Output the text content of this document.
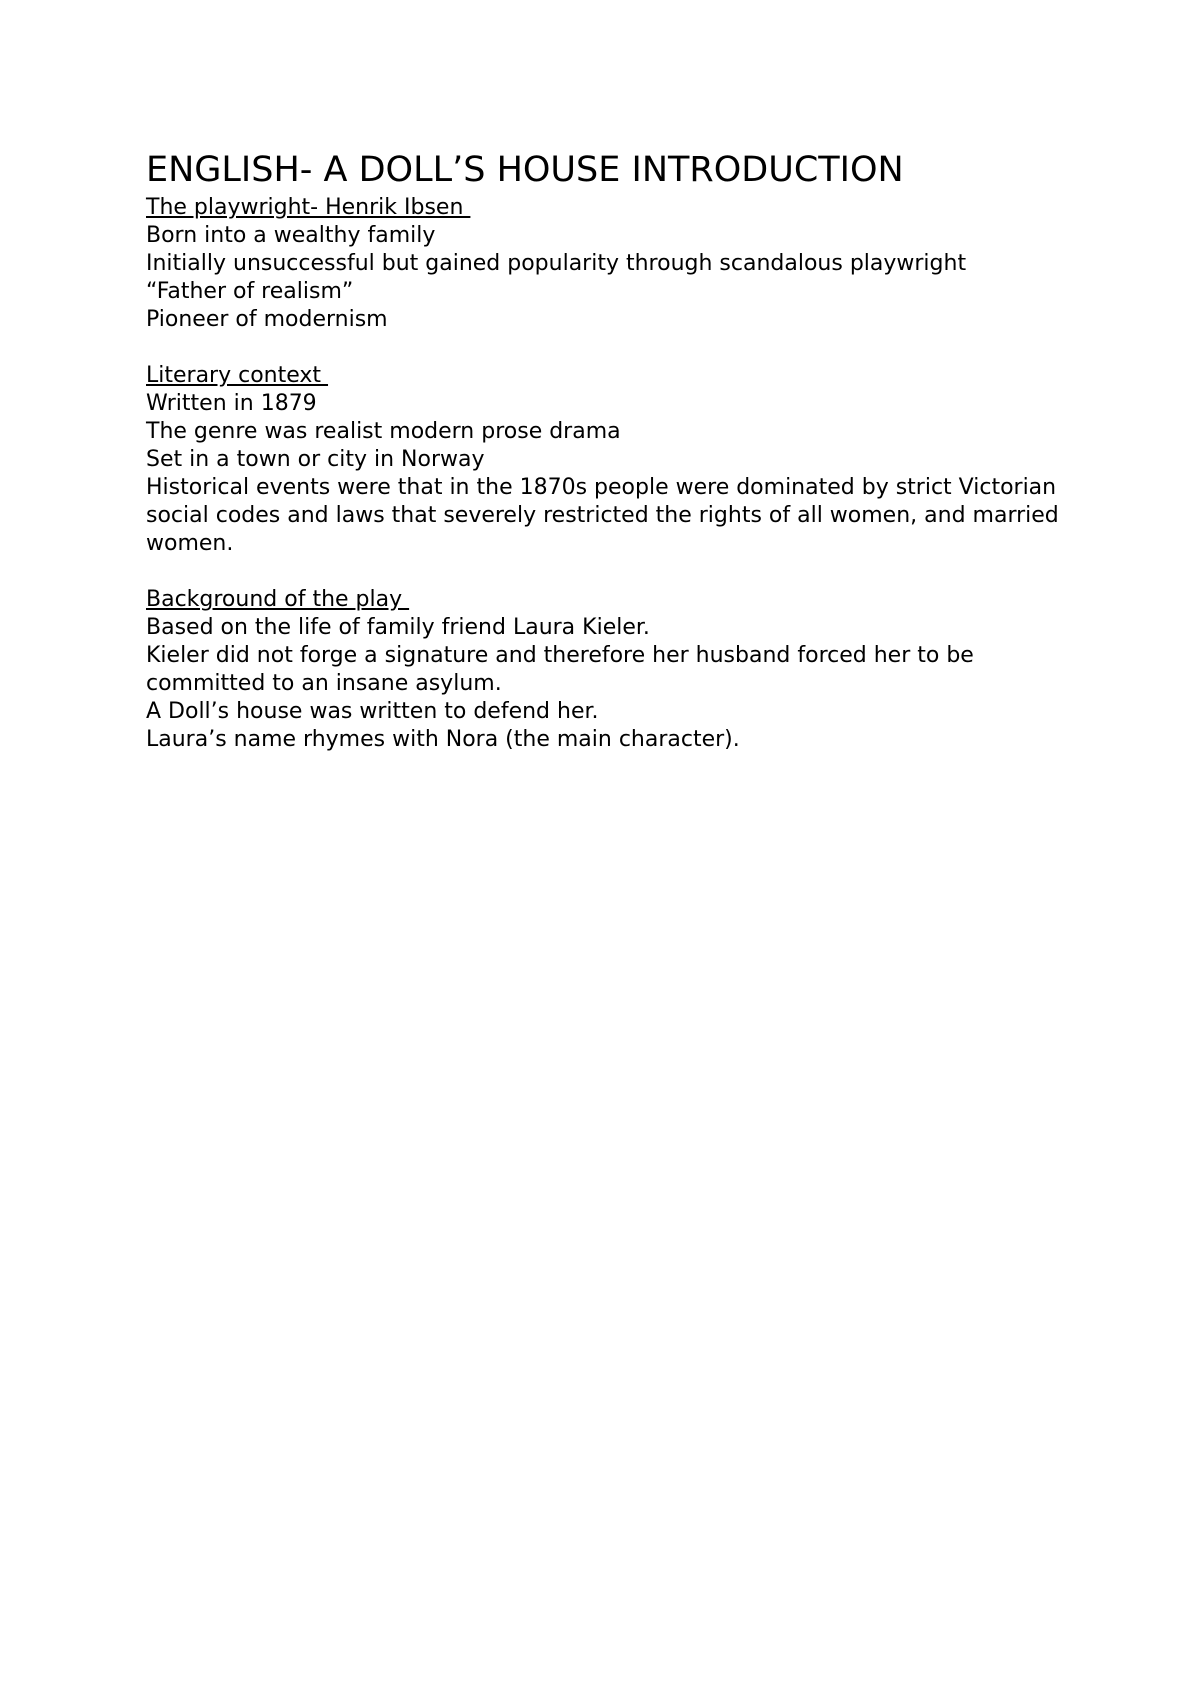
ENGLISH- A DOLL’S HOUSE INTRODUCTION

The playwright- Henrik Ibsen

Born into a wealthy family

Initially unsuccessful but gained popularity through scandalous playwright

“Father of realism”

Pioneer of modernism

Literary context

Written in 1879

The genre was realist modern prose drama

Set in a town or city in Norway

Historical events were that in the 1870s people were dominated by strict Victorian social codes and laws that severely restricted the rights of all women, and married women.

Background of the play

Based on the life of family friend Laura Kieler.

Kieler did not forge a signature and therefore her husband forced her to be committed to an insane asylum.

A Doll’s house was written to defend her.

Laura’s name rhymes with Nora (the main character).
